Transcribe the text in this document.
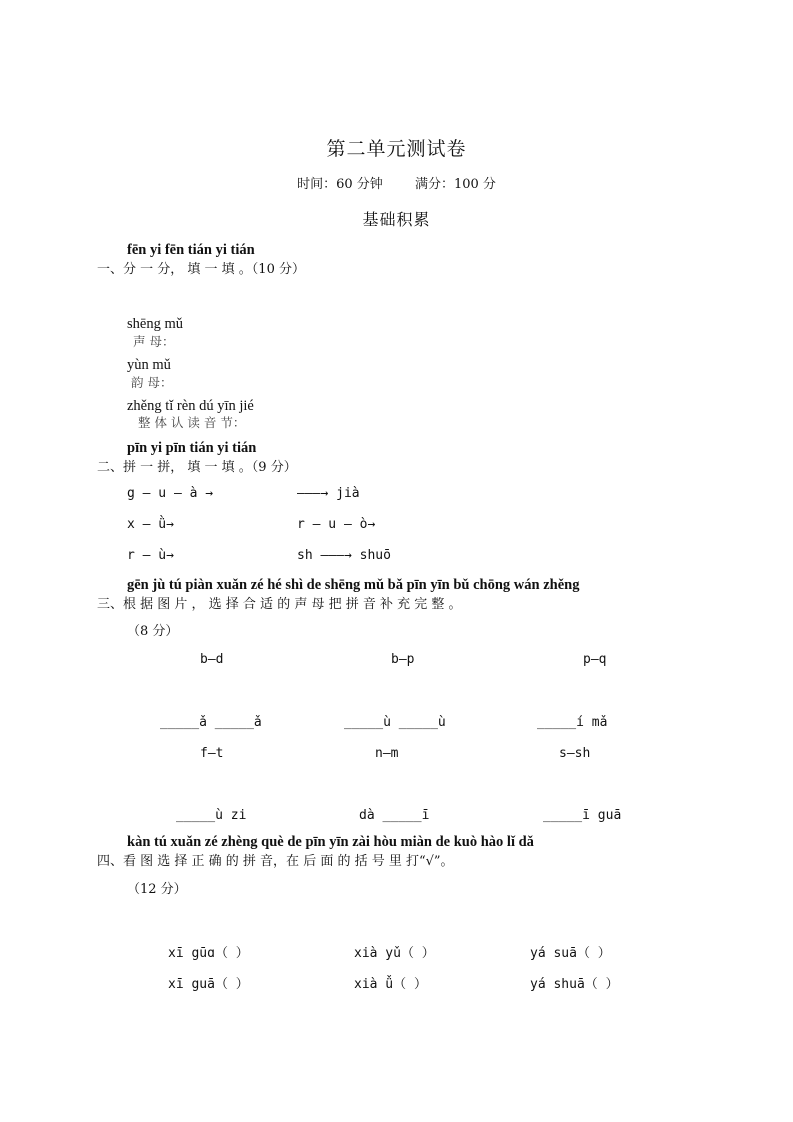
第二单元测试卷
时间：60 分钟 满分：100 分
基础积累
fēn yi fēn tián yi tián
一、分 一 分， 填 一 填 。（10 分）
shēng mǔ
声 母：
yùn mǔ
韵 母：
zhěng tǐ rèn dú yīn jié
整 体 认 读 音 节：
pīn yi pīn tián yi tián
二、拼 一 拼， 填 一 填 。（9 分）
g — u — à →	———→ jià
x — ǜ→	r — u — ò→
r — ù→	sh ———→ shuō
gēn jù tú piàn xuǎn zé hé shì de shēng mǔ bǎ pīn yīn bǔ chōng wán zhěng
三、根 据 图 片 ， 选 择 合 适 的 声 母 把 拼 音 补 充 完 整 。
（8 分）
b—d	b—p	p—q
_____ǎ _____ǎ	_____ù _____ù	_____í mǎ
f—t	n—m	s—sh
_____ù zi	dà _____ī	_____ī guā
kàn tú xuǎn zé zhèng què de pīn yīn zài hòu miàn de kuò hào lǐ dǎ
四、看 图 选 择 正 确 的 拼 音，在 后 面 的 括 号 里 打“√”。
（12 分）
xī gūɑ（ ）	xià yǔ（ ）	yá suā（ ）
xī guā（ ）	xià ǚ（ ）	yá shuā（ ）
